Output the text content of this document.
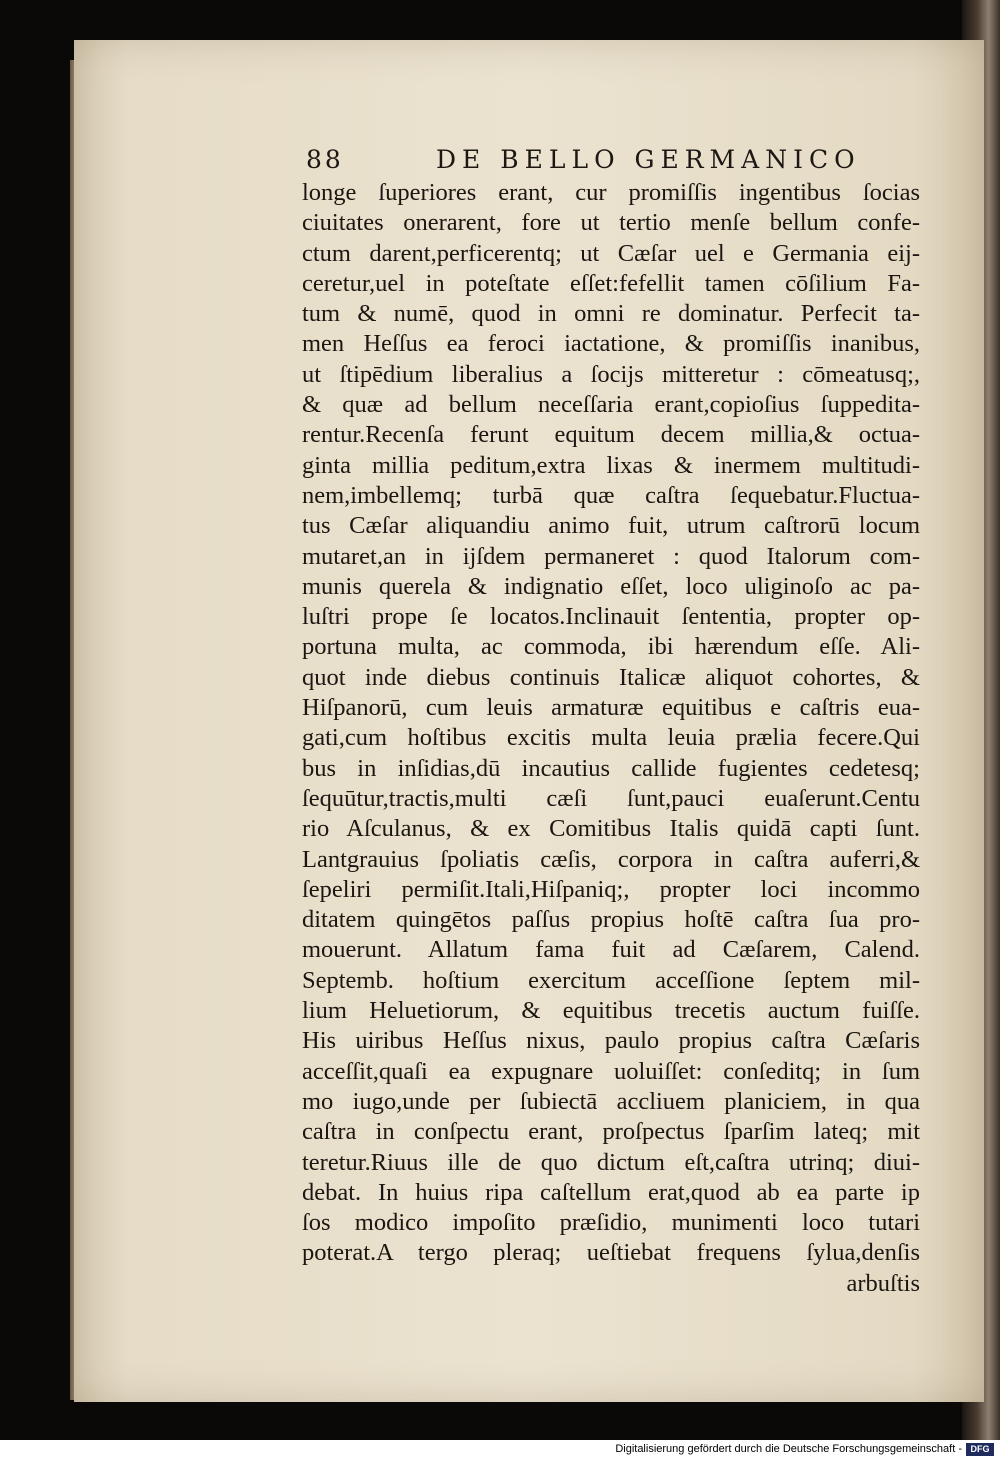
88	DE BELLO GERMANICO
longe ſuperiores erant, cur promiſſis ingentibus ſocias
ciuitates onerarent, fore ut tertio menſe bellum confe-
ctum darent,perficerentq; ut Cæſar uel e Germania eij-
ceretur,uel in poteſtate eſſet:fefellit tamen cōſilium Fa-
tum & numē, quod in omni re dominatur. Perfecit ta-
men Heſſus ea feroci iactatione, & promiſſis inanibus,
ut ſtipēdium liberalius a ſocijs mitteretur : cōmeatusq;,
& quæ ad bellum neceſſaria erant,copioſius ſuppedita-
rentur.Recenſa ferunt equitum decem millia,& octua-
ginta millia peditum,extra lixas & inermem multitudi-
nem,imbellemq; turbā quæ caſtra ſequebatur.Fluctua-
tus Cæſar aliquandiu animo fuit, utrum caſtrorū locum
mutaret,an in ijſdem permaneret : quod Italorum com-
munis querela & indignatio eſſet, loco uliginoſo ac pa-
luſtri prope ſe locatos.Inclinauit ſententia, propter op-
portuna multa, ac commoda, ibi hærendum eſſe. Ali-
quot inde diebus continuis Italicæ aliquot cohortes, &
Hiſpanorū, cum leuis armaturæ equitibus e caſtris eua-
gati,cum hoſtibus excitis multa leuia prælia fecere.Qui
bus in inſidias,dū incautius callide fugientes cedetesq;
ſequūtur,tractis,multi cæſi ſunt,pauci euaſerunt.Centu
rio Aſculanus, & ex Comitibus Italis quidā capti ſunt.
Lantgrauius ſpoliatis cæſis, corpora in caſtra auferri,&
ſepeliri permiſit.Itali,Hiſpaniq;, propter loci incommo
ditatem quingētos paſſus propius hoſtē caſtra ſua pro-
mouerunt. Allatum fama fuit ad Cæſarem, Calend.
Septemb. hoſtium exercitum acceſſione ſeptem mil-
lium Heluetiorum, & equitibus trecetis auctum fuiſſe.
His uiribus Heſſus nixus, paulo propius caſtra Cæſaris
acceſſit,quaſi ea expugnare uoluiſſet: conſeditq; in ſum
mo iugo,unde per ſubiectā accliuem planiciem, in qua
caſtra in conſpectu erant, proſpectus ſparſim lateq; mit
teretur.Riuus ille de quo dictum eſt,caſtra utrinq; diui-
debat. In huius ripa caſtellum erat,quod ab ea parte ip
ſos modico impoſito præſidio, munimenti loco tutari
poterat.A tergo pleraq; ueſtiebat frequens ſylua,denſis
arbuſtis
Digitalisierung gefördert durch die Deutsche Forschungsgemeinschaft - DFG
